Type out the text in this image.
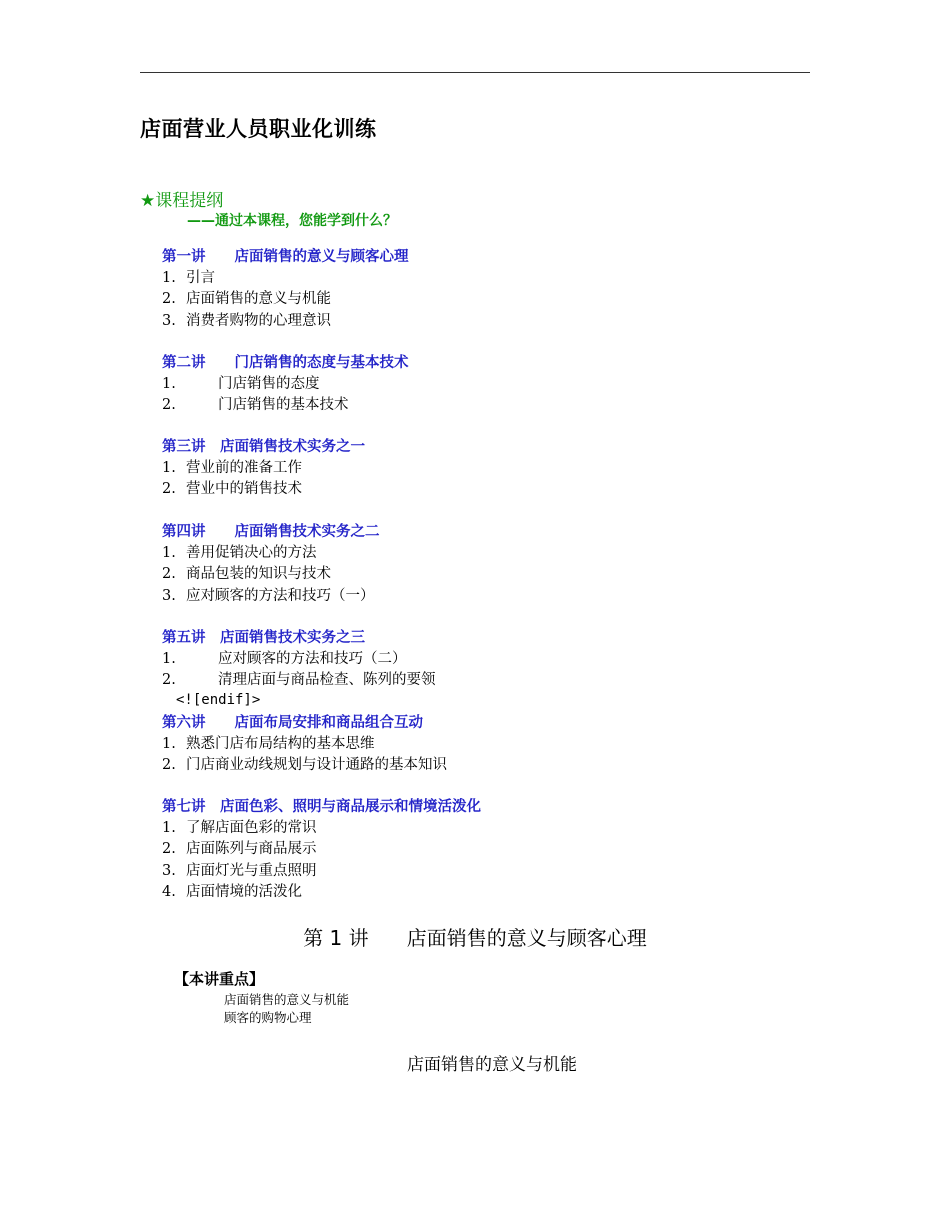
店面营业人员职业化训练
★课程提纲
——通过本课程，您能学到什么？
第一讲　　店面销售的意义与顾客心理
1. 引言
2. 店面销售的意义与机能
3. 消费者购物的心理意识
第二讲　　门店销售的态度与基本技术
1.	门店销售的态度
2.	门店销售的基本技术
第三讲　店面销售技术实务之一
1. 营业前的准备工作
2. 营业中的销售技术
第四讲　　店面销售技术实务之二
1. 善用促销决心的方法
2. 商品包装的知识与技术
3. 应对顾客的方法和技巧（一）
第五讲　店面销售技术实务之三
1.	应对顾客的方法和技巧（二）
2.	清理店面与商品检查、陈列的要领
<![endif]>
第六讲　　店面布局安排和商品组合互动
1. 熟悉门店布局结构的基本思维
2. 门店商业动线规划与设计通路的基本知识
第七讲　店面色彩、照明与商品展示和情境活泼化
1. 了解店面色彩的常识
2. 店面陈列与商品展示
3. 店面灯光与重点照明
4. 店面情境的活泼化
第 1 讲 店面销售的意义与顾客心理
【本讲重点】
店面销售的意义与机能
顾客的购物心理
店面销售的意义与机能
